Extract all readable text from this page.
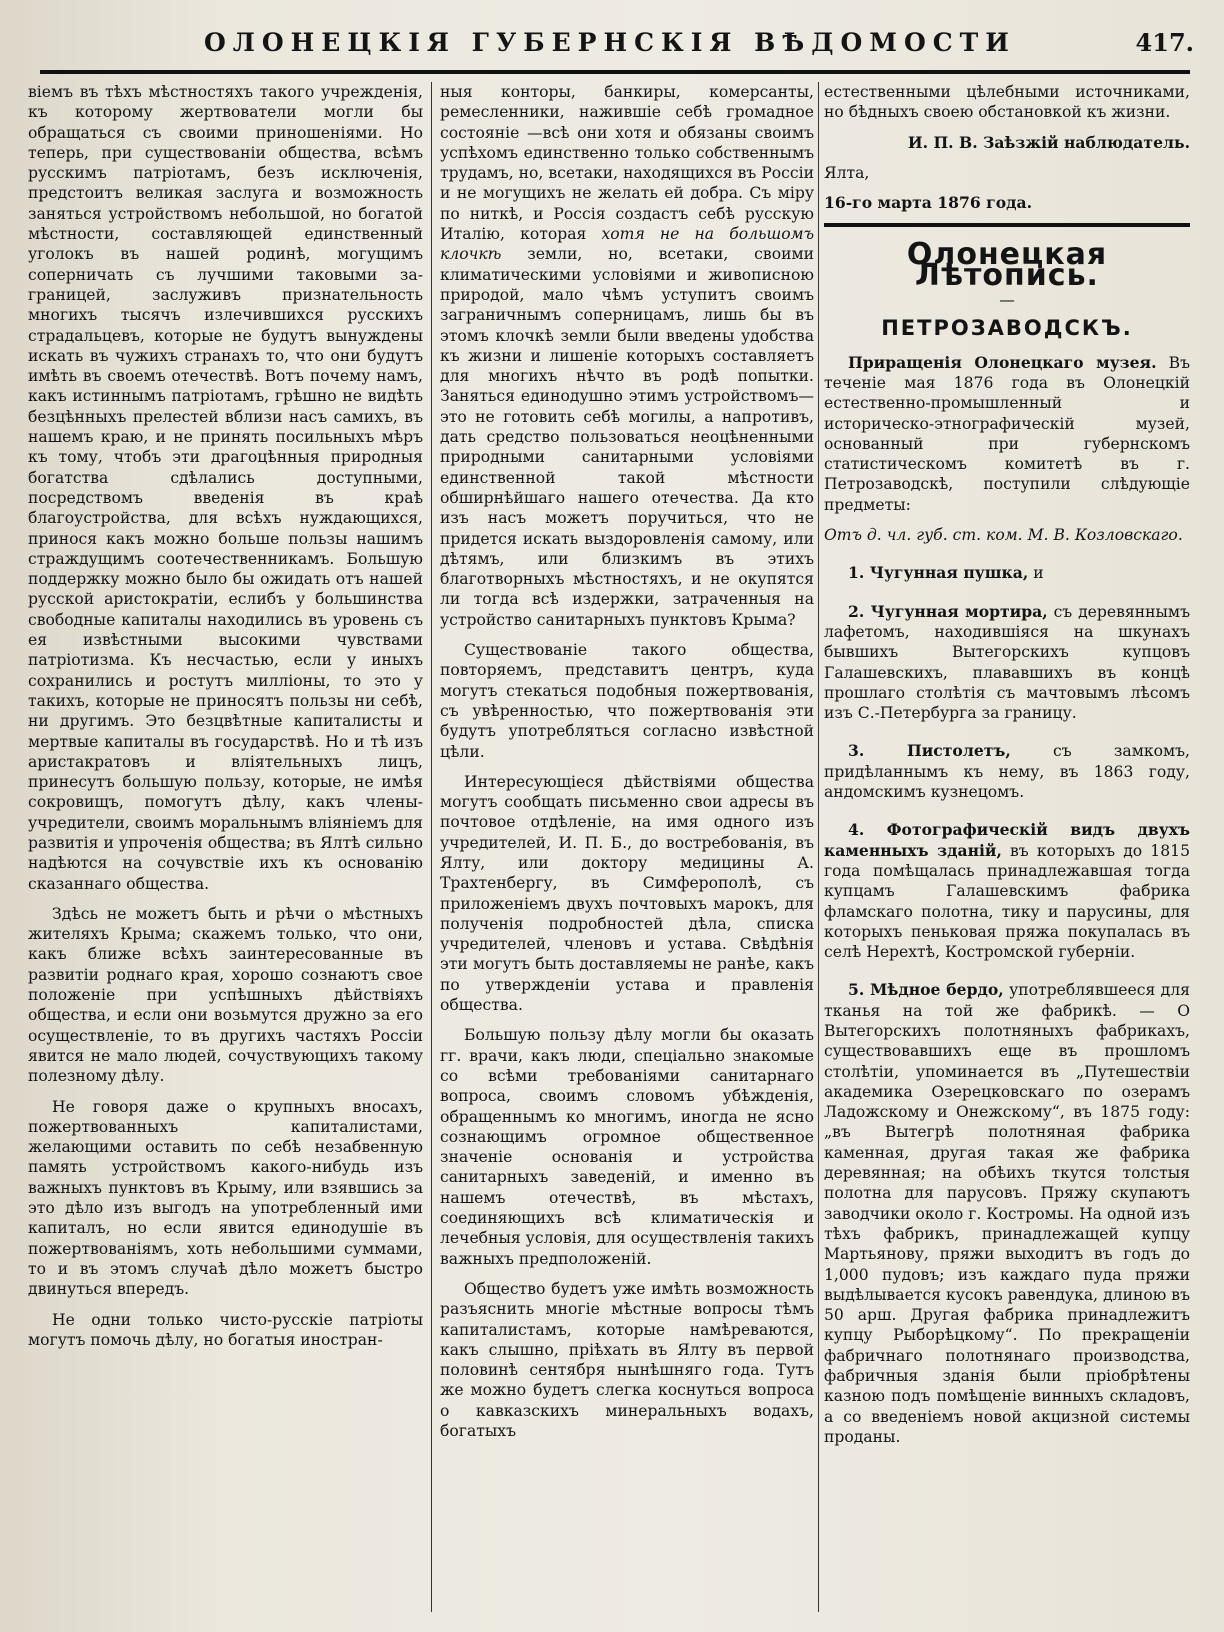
ОЛОНЕЦКІЯ ГУБЕРНСКІЯ ВѢДОМОСТИ	417.

віемъ въ тѣхъ мѣстностяхъ такого учрежденія, къ которому жертвователи могли бы обращаться съ своими приношеніями. Но теперь, при существованіи общества, всѣмъ русскимъ патріотамъ, безъ исключенія, предстоитъ великая заслуга и возможность заняться устройствомъ небольшой, но богатой мѣстности, составляющей единственный уголокъ въ нашей родинѣ, могущимъ соперничать съ лучшими таковыми за-границей, заслуживъ признательность многихъ тысячъ излечившихся русскихъ страдальцевъ, которые не будутъ вынуждены искать въ чужихъ странахъ то, что они будутъ имѣть въ своемъ отечествѣ. Вотъ почему намъ, какъ истиннымъ патріотамъ, грѣшно не видѣть безцѣнныхъ прелестей вблизи насъ самихъ, въ нашемъ краю, и не принять посильныхъ мѣръ къ тому, чтобъ эти драгоцѣнныя природныя богатства сдѣлались доступными, посредствомъ введенія въ краѣ благоустройства, для всѣхъ нуждающихся, принося какъ можно больше пользы нашимъ страждущимъ соотечественникамъ. Большую поддержку можно было бы ожидать отъ нашей русской аристократіи, еслибъ у большинства свободные капиталы находились въ уровень съ ея извѣстными высокими чувствами патріотизма. Къ несчастью, если у иныхъ сохранились и ростутъ милліоны, то это у такихъ, которые не приносятъ пользы ни себѣ, ни другимъ. Это безцвѣтные капиталисты и мертвые капиталы въ государствѣ. Но и тѣ изъ аристакратовъ и вліятельныхъ лицъ, принесутъ большую пользу, которые, не имѣя сокровищъ, помогутъ дѣлу, какъ члены-учредители, своимъ моральнымъ вліяніемъ для развитія и упроченія общества; въ Ялтѣ сильно надѣются на сочувствіе ихъ къ основанію сказаннаго общества.

Здѣсь не можетъ быть и рѣчи о мѣстныхъ жителяхъ Крыма; скажемъ только, что они, какъ ближе всѣхъ заинтересованные въ развитіи роднаго края, хорошо сознаютъ свое положеніе при успѣшныхъ дѣйствіяхъ общества, и если они возьмутся дружно за его осуществленіе, то въ другихъ частяхъ Россіи явится не мало людей, сочуствующихъ такому полезному дѣлу.

Не говоря даже о крупныхъ вносахъ, пожертвованныхъ капиталистами, желающими оставить по себѣ незабвенную память устройствомъ какого-нибудь изъ важныхъ пунктовъ въ Крыму, или взявшись за это дѣло изъ выгодъ на употребленный ими капиталъ, но если явится единодушіе въ пожертвованіямъ, хоть небольшими суммами, то и въ этомъ случаѣ дѣло можетъ быстро двинуться впередъ.

Не одни только чисто-русскіе патріоты могутъ помочь дѣлу, но богатыя иностран-

ныя конторы, банкиры, комерсанты, ремесленники, нажившіе себѣ громадное состояніе —всѣ они хотя и обязаны своимъ успѣхомъ единственно только собственнымъ трудамъ, но, всетаки, находящихся въ Россіи и не могущихъ не желать ей добра. Съ міру по ниткѣ, и Россія создастъ себѣ русскую Италію, которая хотя не на большомъ клочкѣ земли, но, всетаки, своими климатическими условіями и живописною природой, мало чѣмъ уступитъ своимъ заграничнымъ соперницамъ, лишь бы въ этомъ клочкѣ земли были введены удобства къ жизни и лишеніе которыхъ составляетъ для многихъ нѣчто въ родѣ попытки. Заняться единодушно этимъ устройствомъ—это не готовить себѣ могилы, а напротивъ, дать средство пользоваться неоцѣненными природными санитарными условіями единственной такой мѣстности обширнѣйшаго нашего отечества. Да кто изъ насъ можетъ поручиться, что не придется искать выздоровленія самому, или дѣтямъ, или близкимъ въ этихъ благотворныхъ мѣстностяхъ, и не окупятся ли тогда всѣ издержки, затраченныя на устройство санитарныхъ пунктовъ Крыма?

Существованіе такого общества, повторяемъ, представитъ центръ, куда могутъ стекаться подобныя пожертвованія, съ увѣренностью, что пожертвованія эти будутъ употребляться согласно извѣстной цѣли.

Интересующіеся дѣйствіями общества могутъ сообщать письменно свои адресы въ почтовое отдѣленіе, на имя одного изъ учредителей, И. П. Б., до востребованія, въ Ялту, или доктору медицины А. Трахтенбергу, въ Симферополѣ, съ приложеніемъ двухъ почтовыхъ марокъ, для полученія подробностей дѣла, списка учредителей, членовъ и устава. Свѣдѣнія эти могутъ быть доставляемы не ранѣе, какъ по утвержденіи устава и правленія общества.

Большую пользу дѣлу могли бы оказать гг. врачи, какъ люди, спеціально знакомые со всѣми требованіями санитарнаго вопроса, своимъ словомъ убѣжденія, обращеннымъ ко многимъ, иногда не ясно сознающимъ огромное общественное значеніе основанія и устройства санитарныхъ заведеній, и именно въ нашемъ отечествѣ, въ мѣстахъ, соединяющихъ всѣ климатическія и лечебныя условія, для осуществленія такихъ важныхъ предположеній.

Общество будетъ уже имѣть возможность разъяснить многіе мѣстные вопросы тѣмъ капиталистамъ, которые намѣреваются, какъ слышно, пріѣхать въ Ялту въ первой половинѣ сентября нынѣшняго года. Тутъ же можно будетъ слегка коснуться вопроса о кавказскихъ минеральныхъ водахъ, богатыхъ

естественными цѣлебными источниками, но бѣдныхъ своею обстановкой къ жизни.

И. П. В. Заѣзжій наблюдатель.

Ялта,

16-го марта 1876 года.

Олонецкая Лѣтопись.
—
ПЕТРОЗАВОДСКЪ.

Приращенія Олонецкаго музея. Въ теченіе мая 1876 года въ Олонецкій естественно-промышленный и историческо-этнографическій музей, основанный при губернскомъ статистическомъ комитетѣ въ г. Петрозаводскѣ, поступили слѣдующіе предметы:

Отъ д. чл. губ. ст. ком. М. В. Козловскаго.

1. Чугунная пушка, и

2. Чугунная мортира, съ деревяннымъ лафетомъ, находившіяся на шкунахъ бывшихъ Вытегорскихъ купцовъ Галашевскихъ, плававшихъ въ концѣ прошлаго столѣтія съ мачтовымъ лѣсомъ изъ С.-Петербурга за границу.

3. Пистолетъ,	съ замкомъ, придѣланнымъ къ нему, въ 1863 году, андомскимъ кузнецомъ.

4. Фотографическій видъ двухъ каменныхъ зданій, въ которыхъ до 1815 года помѣщалась принадлежавшая тогда купцамъ Галашевскимъ фабрика фламскаго полотна, тику и парусины, для которыхъ пеньковая пряжа покупалась въ селѣ Нерехтѣ, Костромской губерніи.

5. Мѣдное бердо, употреблявшееся для тканья на той же фабрикѣ. — О Вытегорскихъ полотняныхъ фабрикахъ, существовавшихъ еще въ прошломъ столѣтіи, упоминается въ „Путешествіи академика Озерецковскаго по озерамъ Ладожскому и Онежскому“, въ 1875 году: „въ Вытегрѣ полотняная фабрика каменная, другая такая же фабрика деревянная; на обѣихъ ткутся толстыя полотна для парусовъ. Пряжу скупаютъ заводчики около г. Костромы. На одной изъ тѣхъ фабрикъ, принадлежащей купцу Мартьянову, пряжи выходитъ въ годъ до 1,000 пудовъ; изъ каждаго пуда пряжи выдѣлывается кусокъ равендука, длиною въ 50 арш. Другая фабрика принадлежитъ купцу Рыборѣцкому“. По прекращеніи фабричнаго полотнянаго производства, фабричныя зданія были пріобрѣтены казною подъ помѣщеніе винныхъ складовъ, а со введеніемъ новой акцизной системы проданы.
